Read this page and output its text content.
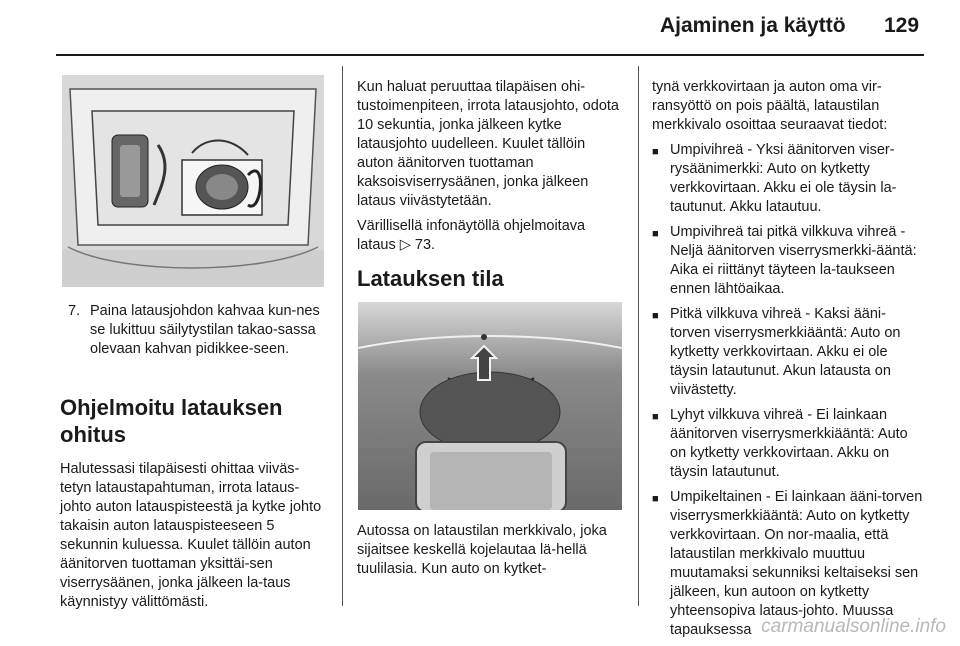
Ajaminen ja käyttö 129
7. Paina latausjohdon kahvaa kun-nes se lukittuu säilytystilan takao-sassa olevaan kahvan pidikkee-seen.
Ohjelmoitu latauksen ohitus

Halutessasi tilapäisesti ohittaa viiväs-tetyn lataustapahtuman, irrota lataus-johto auton latauspisteestä ja kytke johto takaisin auton latauspisteeseen 5 sekunnin kuluessa. Kuulet tällöin auton äänitorven tuottaman yksittäi-sen viserrysäänen, jonka jälkeen la-taus käynnistyy välittömästi.

Kun haluat peruuttaa tilapäisen ohi-tustoimenpiteen, irrota latausjohto, odota 10 sekuntia, jonka jälkeen kytke latausjohto uudelleen. Kuulet tällöin auton äänitorven tuottaman kaksoisviserrysäänen, jonka jälkeen lataus viivästytetään.

Värillisellä infonäytöllä ohjelmoitava lataus ▷ 73.

Latauksen tila

Autossa on lataustilan merkkivalo, joka sijaitsee keskellä kojelautaa lä-hellä tuulilasia. Kun auto on kytket-

tynä verkkovirtaan ja auton oma vir-ransyöttö on pois päältä, lataustilan merkkivalo osoittaa seuraavat tiedot:

■ Umpivihreä - Yksi äänitorven viser-rysäänimerkki: Auto on kytketty verkkovirtaan. Akku ei ole täysin la-tautunut. Akku latautuu.
■ Umpivihreä tai pitkä vilkkuva vihreä - Neljä äänitorven viserrysmerkki-ääntä: Aika ei riittänyt täyteen la-taukseen ennen lähtöaikaa.
■ Pitkä vilkkuva vihreä - Kaksi ääni-torven viserrysmerkkiääntä: Auto on kytketty verkkovirtaan. Akku ei ole täysin latautunut. Akun latausta on viivästetty.
■ Lyhyt vilkkuva vihreä - Ei lainkaan äänitorven viserrysmerkkiääntä: Auto on kytketty verkkovirtaan. Akku on täysin latautunut.
■ Umpikeltainen - Ei lainkaan ääni-torven viserrysmerkkiääntä: Auto on kytketty verkkovirtaan. On nor-maalia, että lataustilan merkkivalo muuttuu muutamaksi sekunniksi keltaiseksi sen jälkeen, kun autoon on kytketty yhteensopiva lataus-johto. Muussa tapauksessa carmanualsonline.info
